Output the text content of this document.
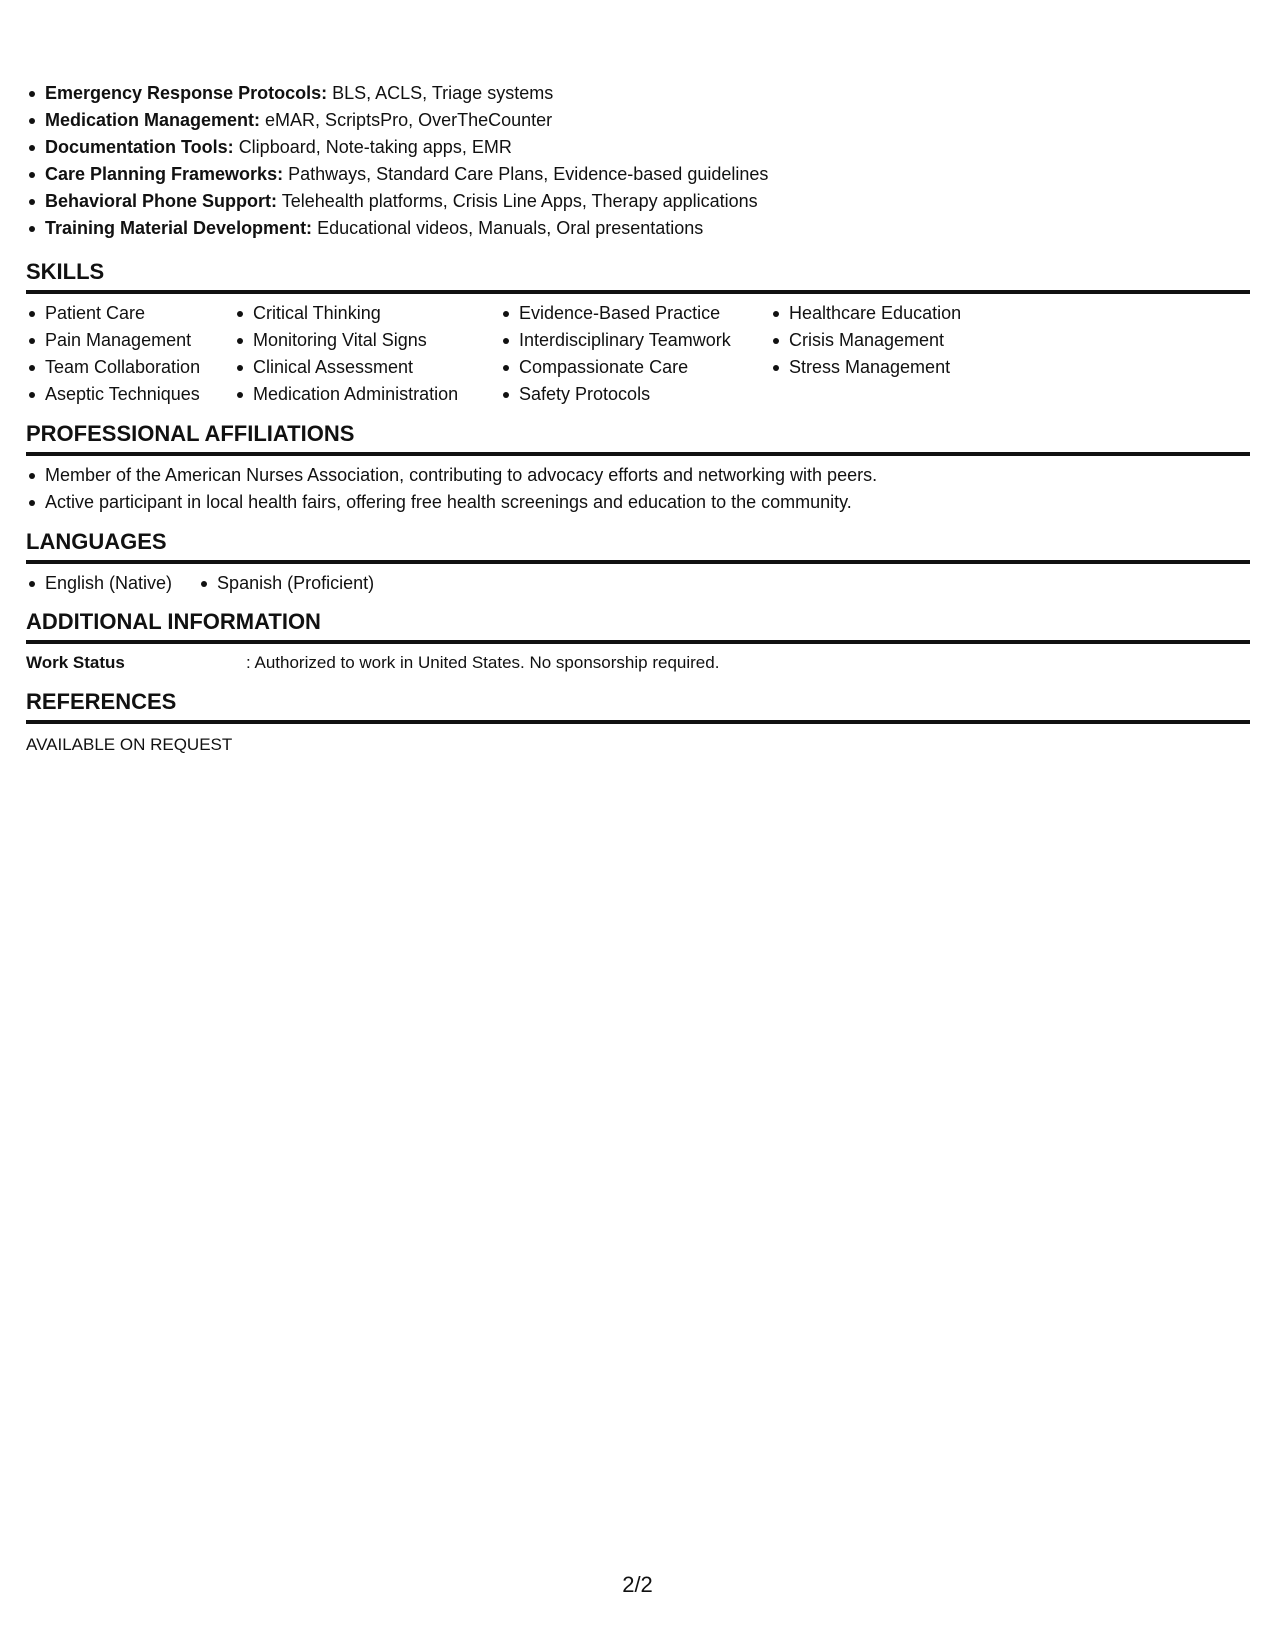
Emergency Response Protocols: BLS, ACLS, Triage systems
Medication Management: eMAR, ScriptsPro, OverTheCounter
Documentation Tools: Clipboard, Note-taking apps, EMR
Care Planning Frameworks: Pathways, Standard Care Plans, Evidence-based guidelines
Behavioral Phone Support: Telehealth platforms, Crisis Line Apps, Therapy applications
Training Material Development: Educational videos, Manuals, Oral presentations
SKILLS
Patient Care
Pain Management
Team Collaboration
Aseptic Techniques
Critical Thinking
Monitoring Vital Signs
Clinical Assessment
Medication Administration
Evidence-Based Practice
Interdisciplinary Teamwork
Compassionate Care
Safety Protocols
Healthcare Education
Crisis Management
Stress Management
PROFESSIONAL AFFILIATIONS
Member of the American Nurses Association, contributing to advocacy efforts and networking with peers.
Active participant in local health fairs, offering free health screenings and education to the community.
LANGUAGES
English (Native)	Spanish (Proficient)
ADDITIONAL INFORMATION
Work Status	: Authorized to work in United States. No sponsorship required.
REFERENCES
AVAILABLE ON REQUEST
2/2
